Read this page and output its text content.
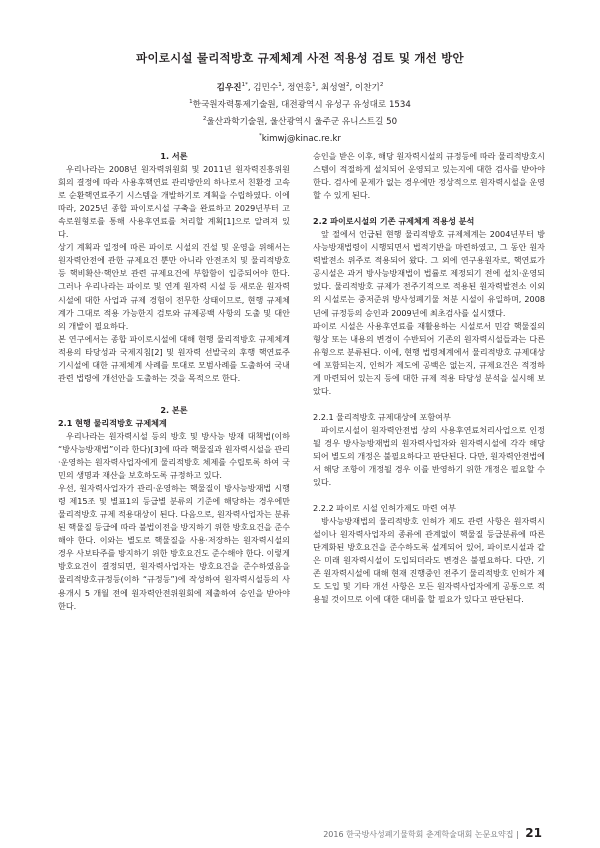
파이로시설 물리적방호 규제체계 사전 적용성 검토 및 개선 방안
김우진$^{1*}$, 김민수$^1$, 정연홍$^1$, 최성열$^2$, 이찬기$^2$
$^1$한국원자력통제기술원, 대전광역시 유성구 유성대로 1534
$^2$울산과학기술원, 울산광역시 울주군 유니스트길 50
*kimwj@kinac.re.kr

1. 서론

우리나라는 2008년 원자력위원회 및 2011년 원자력진흥위원회의 결정에 따라 사용후핵연료 관리방안의 하나로서 친환경 고속로 순환핵연료주기 시스템을 개발하기로 계획을 수립하였다. 이에 따라, 2025년 종합 파이로시설 구축을 완료하고 2029년부터 고속로원형로를 통해 사용후연료를 처리할 계획[1]으로 알려져 있다.

상기 계획과 일정에 따른 파이로 시설의 건설 및 운영을 위해서는 원자력안전에 관한 규제요건 뿐만 아니라 안전조치 및 물리적방호 등 핵비확산·핵안보 관련 규제요건에 부합함이 입증되어야 한다. 그러나 우리나라는 파이로 및 연계 원자력 시설 등 새로운 원자력시설에 대한 사업과 규제 경험이 전무한 상태이므로, 현행 규제체계가 그대로 적용 가능한지 검토와 규제공백 사항의 도출 및 대안의 개발이 필요하다.

본 연구에서는 종합 파이로시설에 대해 현행 물리적방호 규제체계 적용의 타당성과 국제지침[2] 및 원자력 선발국의 후행 핵연료주기시설에 대한 규제체계 사례를 토대로 모범사례를 도출하여 국내 관련 법령에 개선안을 도출하는 것을 목적으로 한다.

2. 본론

2.1 현행 물리적방호 규제체계

우리나라는 원자력시설 등의 방호 및 방사능 방재 대책법(이하 “방사능방재법”이라 한다)[3]에 따라 핵물질과 원자력시설을 관리·운영하는 원자력사업자에게 물리적방호 체제를 수립토록 하여 국민의 생명과 재산을 보호하도록 규정하고 있다.

우선, 원자력사업자가 관리·운영하는 핵물질이 방사능방재법 시행령 제15조 및 별표1의 등급별 분류의 기준에 해당하는 경우에만 물리적방호 규제 적용대상이 된다. 다음으로, 원자력사업자는 분류된 핵물질 등급에 따라 불법이전을 방지하기 위한 방호요건을 준수해야 한다. 이와는 별도로 핵물질을 사용·저장하는 원자력시설의 경우 사보타주를 방지하기 위한 방호요건도 준수해야 한다. 이렇게 방호요건이 결정되면, 원자력사업자는 방호요건을 준수하였음을 물리적방호규정등(이하 “규정등”)에 작성하여 원자력시설등의 사용개시 5 개월 전에 원자력안전위원회에 제출하여 승인을 받아야 한다.

승인을 받은 이후, 해당 원자력시설의 규정등에 따라 물리적방호시스템이 적절하게 설치되어 운영되고 있는지에 대한 검사를 받아야 한다. 검사에 문제가 없는 경우에만 정상적으로 원자력시설을 운영할 수 있게 된다.

2.2 파이로시설의 기존 규제체계 적용성 분석

앞 절에서 언급된 현행 물리적방호 규제체계는 2004년부터 방사능방재법령이 시행되면서 법적기반을 마련하였고, 그 동안 원자력발전소 위주로 적용되어 왔다. 그 외에 연구용원자로, 핵연료가공시설은 과거 방사능방재법이 법률로 제정되기 전에 설치·운영되었다. 물리적방호 규제가 전주기적으로 적용된 원자력발전소 이외의 시설로는 중저준위 방사성폐기물 처분 시설이 유일하며, 2008년에 규정등의 승인과 2009년에 최초검사를 실시했다.

파이로 시설은 사용후연료를 재활용하는 시설로서 민감 핵물질의 형상 또는 내용의 변경이 수반되어 기존의 원자력시설들과는 다른 유형으로 분류된다. 이에, 현행 법령체계에서 물리적방호 규제대상에 포함되는지, 인허가 제도에 공백은 없는지, 규제요건은 적정하게 마련되어 있는지 등에 대한 규제 적용 타당성 분석을 실시해 보았다.

2.2.1 물리적방호 규제대상에 포함여부

파이로시설이 원자력안전법 상의 사용후연료처리사업으로 인정될 경우 방사능방재법의 원자력사업자와 원자력시설에 각각 해당되어 별도의 개정은 불필요하다고 판단된다. 다만, 원자력안전법에서 해당 조항이 개정될 경우 이를 반영하기 위한 개정은 필요할 수 있다.

2.2.2 파이로 시설 인허가제도 마련 여부

방사능방재법의 물리적방호 인허가 제도 관련 사항은 원자력시설이나 원자력사업자의 종류에 관계없이 핵물질 등급분류에 따른 단계화된 방호요건을 준수하도록 설계되어 있어, 파이로시설과 같은 미래 원자력시설이 도입되더라도 변경은 불필요하다. 다만, 기존 원자력시설에 대해 현재 진행중인 전주기 물리적방호 인허가 제도 도입 및 기타 개선 사항은 모든 원자력사업자에게 공통으로 적용될 것이므로 이에 대한 대비를 할 필요가 있다고 판단된다.

2016 한국방사성폐기물학회 춘계학술대회 논문요약집 | 21
